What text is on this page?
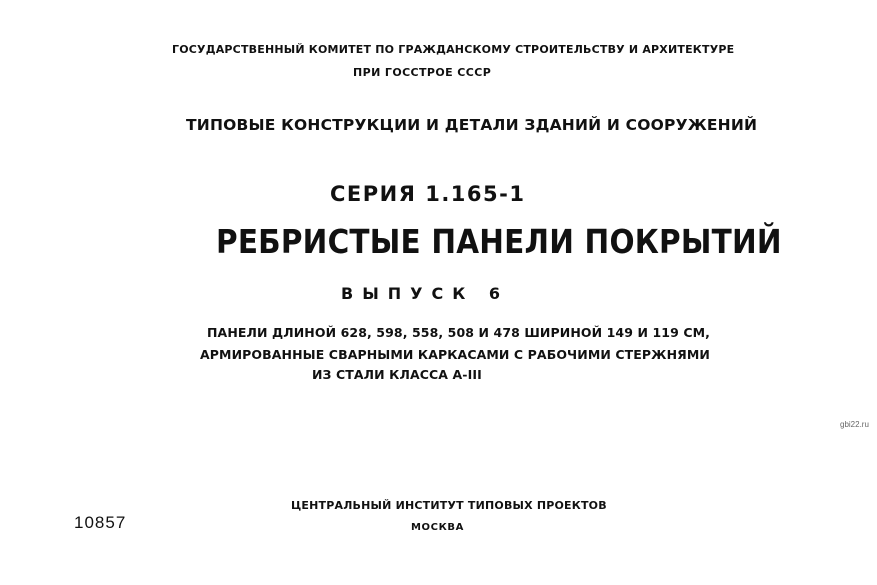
ГОСУДАРСТВЕННЫЙ КОМИТЕТ ПО ГРАЖДАНСКОМУ СТРОИТЕЛЬСТВУ И АРХИТЕКТУРЕ
ПРИ ГОССТРОЕ СССР
ТИПОВЫЕ КОНСТРУКЦИИ И ДЕТАЛИ ЗДАНИЙ И СООРУЖЕНИЙ
СЕРИЯ 1.165-1
РЕБРИСТЫЕ ПАНЕЛИ ПОКРЫТИЙ
ВЫПУСК 6
ПАНЕЛИ ДЛИНОЙ 628, 598, 558, 508 И 478 ШИРИНОЙ 149 И 119 СМ,
АРМИРОВАННЫЕ СВАРНЫМИ КАРКАСАМИ С РАБОЧИМИ СТЕРЖНЯМИ
ИЗ СТАЛИ КЛАССА А-III
gbi22.ru
10857
ЦЕНТРАЛЬНЫЙ ИНСТИТУТ ТИПОВЫХ ПРОЕКТОВ
МОСКВА
